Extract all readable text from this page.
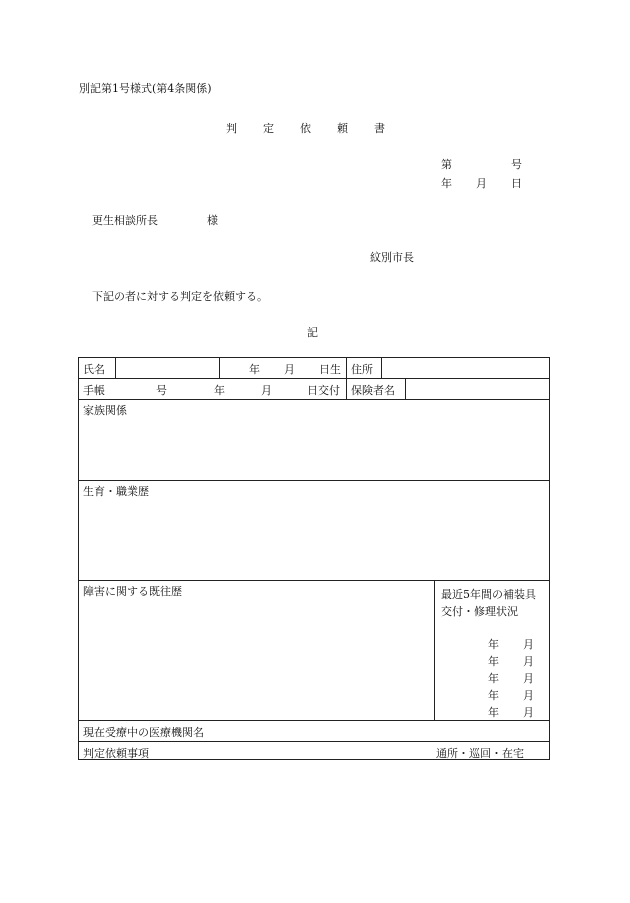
別記第1号様式(第4条関係)
判 定 依 頼 書
第	号
年 月 日
更生相談所長	様
紋別市長
下記の者に対する判定を依頼する。
記
氏名	年 月 日生 住所
手帳	号	年	月	日交付 保険者名
家族関係
生育・職業歴
障害に関する既往歴	最近5年間の補装具
交付・修理状況
年 月
年 月
年 月
年 月
年 月
現在受療中の医療機関名
判定依頼事項	通所・巡回・在宅
